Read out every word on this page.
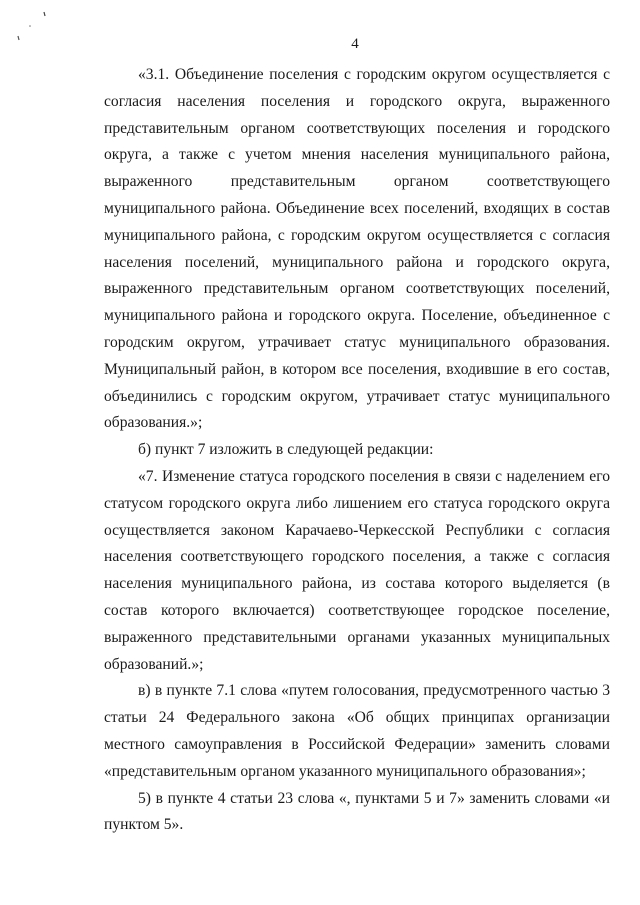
4

«3.1. Объединение поселения с городским округом осуществляется с согласия населения поселения и городского округа, выраженного представительным органом соответствующих поселения и городского округа, а также с учетом мнения населения муниципального района, выраженного представительным органом соответствующего муниципального района. Объединение всех поселений, входящих в состав муниципального района, с городским округом осуществляется с согласия населения поселений, муниципального района и городского округа, выраженного представительным органом соответствующих поселений, муниципального района и городского округа. Поселение, объединенное с городским округом, утрачивает статус муниципального образования. Муниципальный район, в котором все поселения, входившие в его состав, объединились с городским округом, утрачивает статус муниципального образования.»;

б) пункт 7 изложить в следующей редакции:

«7. Изменение статуса городского поселения в связи с наделением его статусом городского округа либо лишением его статуса городского округа осуществляется законом Карачаево-Черкесской Республики с согласия населения соответствующего городского поселения, а также с согласия населения муниципального района, из состава которого выделяется (в состав которого включается) соответствующее городское поселение, выраженного представительными органами указанных муниципальных образований.»;

в) в пункте 7.1 слова «путем голосования, предусмотренного частью 3 статьи 24 Федерального закона «Об общих принципах организации местного самоуправления в Российской Федерации» заменить словами «представительным органом указанного муниципального образования»;

5) в пункте 4 статьи 23 слова «, пунктами 5 и 7» заменить словами «и пунктом 5».
